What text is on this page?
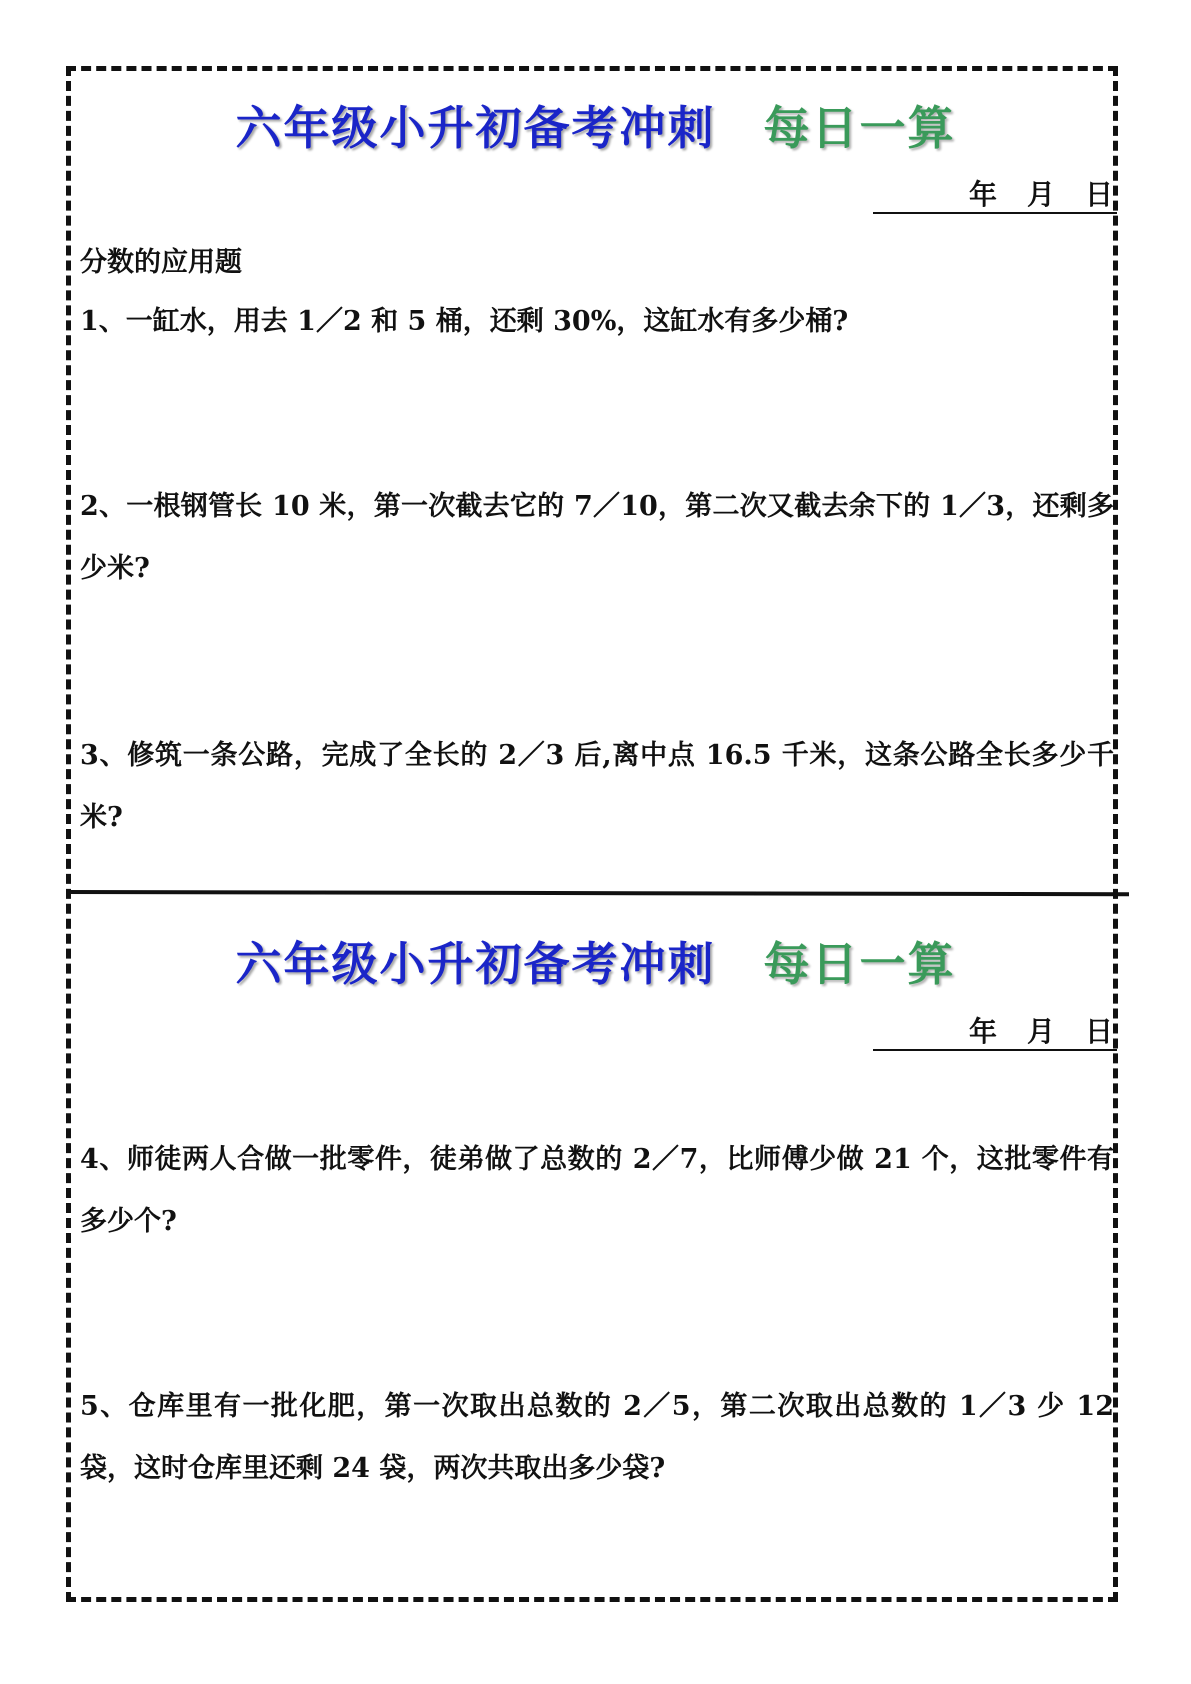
六年级小升初备考冲刺 每日一算
年 月 日
分数的应用题
1、一缸水，用去 1／2 和 5 桶，还剩 30%，这缸水有多少桶?
2、一根钢管长 10 米，第一次截去它的 7／10，第二次又截去余下的 1／3，还剩多少米?
3、修筑一条公路，完成了全长的 2／3 后,离中点 16.5 千米，这条公路全长多少千米?
六年级小升初备考冲刺 每日一算
年 月 日
4、师徒两人合做一批零件，徒弟做了总数的 2／7，比师傅少做 21 个，这批零件有多少个?
5、仓库里有一批化肥，第一次取出总数的 2／5，第二次取出总数的 1／3 少 12 袋，这时仓库里还剩 24 袋，两次共取出多少袋?
